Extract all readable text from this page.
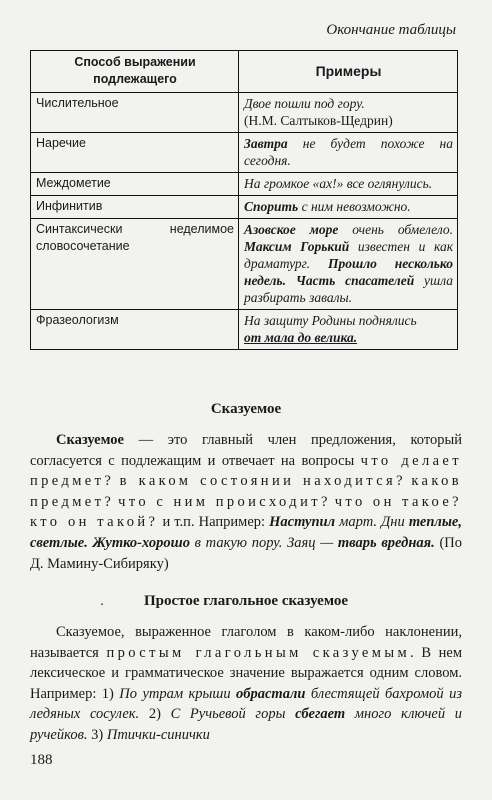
Окончание таблицы
Способ выражении подлежащего	Примеры
Числительное	Двое пошли под гору.
(Н.М. Салтыков-Щедрин)

Наречие	Завтра не будет похоже на сегодня.
Междометие	На громкое «ах!» все оглянулись.
Инфинитив	Спорить с ним невозможно.
Синтаксически неделимое словосочетание	Азовское море очень обмелело. Максим Горький известен и как драматург. Прошло несколько недель. Часть спасателей ушла разбирать завалы.
Фразеологизм	На защиту Родины поднялись
от мала до велика.
Сказуемое
Сказуемое — это главный член предложения, который согласуется с подлежащим и отвечает на вопросы что делает предмет? в каком состоянии находится? каков предмет? что с ним происходит? что он такое? кто он такой? и т.п. Например: Наступил март. Дни теплые, светлые. Жутко-хорошо в такую пору. Заяц — тварь вредная. (По Д. Мамину-Сибиряку)
.	Простое глагольное сказуемое
Сказуемое, выраженное глаголом в каком-либо наклонении, называется простым глагольным сказуемым. В нем лексическое и грамматическое значение выражается одним словом. Например: 1) По утрам крыши обрастали блестящей бахромой из ледяных сосулек. 2) С Ручьевой горы сбегает много ключей и ручейков. 3) Птички-синички
188
